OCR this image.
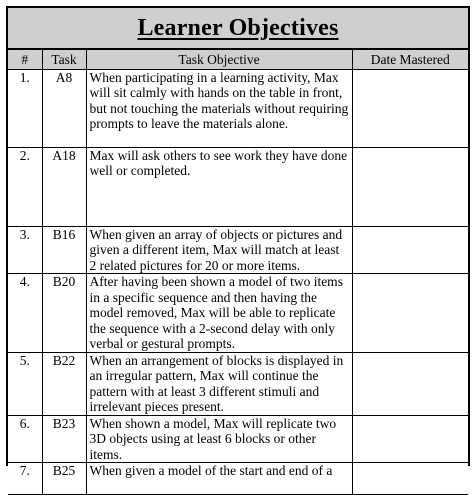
Learner Objectives
#	Task	Task Objective	Date Mastered
1.	A8	When participating in a learning activity, Max will sit calmly with hands on the table in front, but not touching the materials without requiring prompts to leave the materials alone.	
2.	A18	Max will ask others to see work they have done well or completed.	
3.	B16	When given an array of objects or pictures and given a different item, Max will match at least 2 related pictures for 20 or more items.	
4.	B20	After having been shown a model of two items in a specific sequence and then having the model removed, Max will be able to replicate the sequence with a 2-second delay with only verbal or gestural prompts.	
5.	B22	When an arrangement of blocks is displayed in an irregular pattern, Max will continue the pattern with at least 3 different stimuli and irrelevant pieces present.	
6.	B23	When shown a model, Max will replicate two 3D objects using at least 6 blocks or other items.	
7.	B25	When given a model of the start and end of a	
